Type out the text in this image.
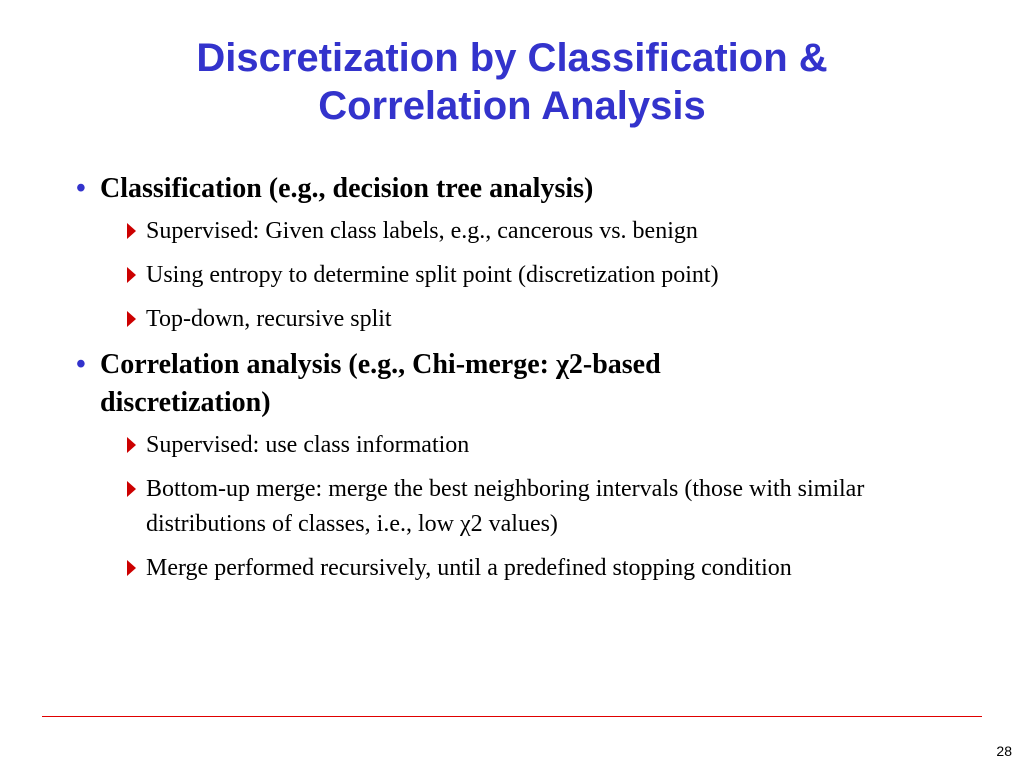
Discretization by Classification &
Correlation Analysis
• Classification (e.g., decision tree analysis)
Supervised: Given class labels, e.g., cancerous vs. benign
Using entropy to determine split point (discretization point)
Top-down, recursive split
• Correlation analysis (e.g., Chi-merge: χ2-based
discretization)
Supervised: use class information
Bottom-up merge: merge the best neighboring intervals (those with similar distributions of classes, i.e., low χ2 values)
Merge performed recursively, until a predefined stopping condition
28
